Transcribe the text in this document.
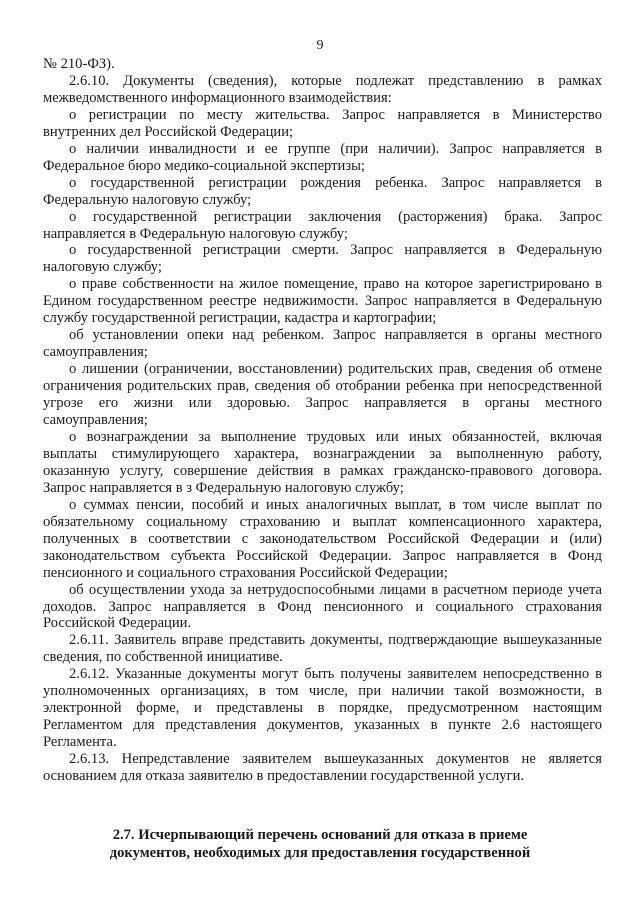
9

№ 210-ФЗ).

2.6.10. Документы (сведения), которые подлежат представлению в рамках межведомственного информационного взаимодействия:

о регистрации по месту жительства. Запрос направляется в Министерство внутренних дел Российской Федерации;

о наличии инвалидности и ее группе (при наличии). Запрос направляется в Федеральное бюро медико-социальной экспертизы;

о государственной регистрации рождения ребенка. Запрос направляется в Федеральную налоговую службу;

о государственной регистрации заключения (расторжения) брака. Запрос направляется в Федеральную налоговую службу;

о государственной регистрации смерти. Запрос направляется в Федеральную налоговую службу;

о праве собственности на жилое помещение, право на которое зарегистрировано в Едином государственном реестре недвижимости. Запрос направляется в Федеральную службу государственной регистрации, кадастра и картографии;

об установлении опеки над ребенком. Запрос направляется в органы местного самоуправления;

о лишении (ограничении, восстановлении) родительских прав, сведения об отмене ограничения родительских прав, сведения об отобрании ребенка при непосредственной угрозе его жизни или здоровью. Запрос направляется в органы местного самоуправления;

о вознаграждении за выполнение трудовых или иных обязанностей, включая выплаты стимулирующего характера, вознаграждении за выполненную работу, оказанную услугу, совершение действия в рамках гражданско-правового договора. Запрос направляется в з Федеральную налоговую службу;

о суммах пенсии, пособий и иных аналогичных выплат, в том числе выплат по обязательному социальному страхованию и выплат компенсационного характера, полученных в соответствии с законодательством Российской Федерации и (или) законодательством субъекта Российской Федерации. Запрос направляется в Фонд пенсионного и социального страхования Российской Федерации;

об осуществлении ухода за нетрудоспособными лицами в расчетном периоде учета доходов. Запрос направляется в Фонд пенсионного и социального страхования Российской Федерации.

2.6.11. Заявитель вправе представить документы, подтверждающие вышеуказанные сведения, по собственной инициативе.

2.6.12. Указанные документы могут быть получены заявителем непосредственно в уполномоченных организациях, в том числе, при наличии такой возможности, в электронной форме, и представлены в порядке, предусмотренном настоящим Регламентом для представления документов, указанных в пункте 2.6 настоящего Регламента.

2.6.13. Непредставление заявителем вышеуказанных документов не является основанием для отказа заявителю в предоставлении государственной услуги.

2.7. Исчерпывающий перечень оснований для отказа в приеме
документов, необходимых для предоставления государственной
